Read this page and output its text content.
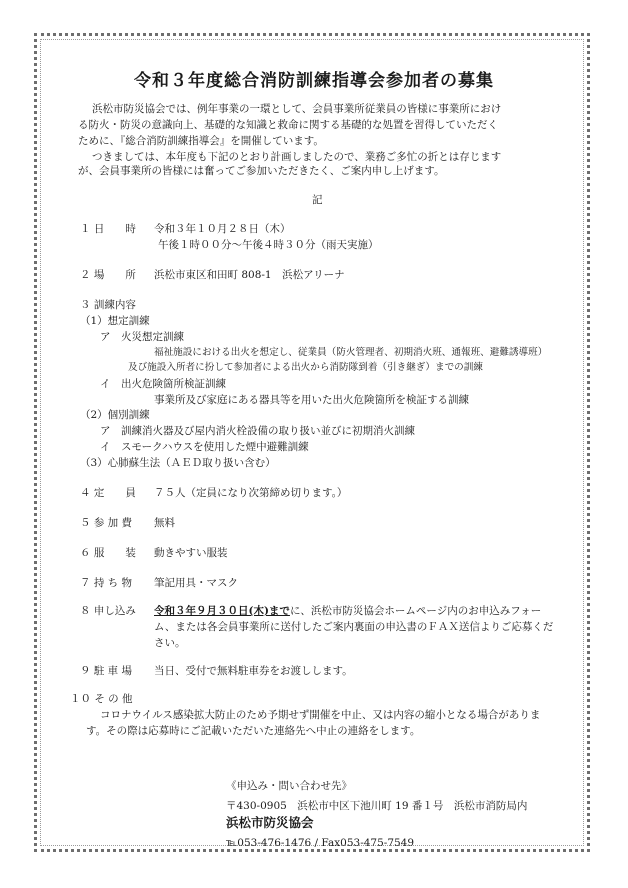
令和３年度総合消防訓練指導会参加者の募集
浜松市防災協会では、例年事業の一環として、会員事業所従業員の皆様に事業所におけ
る防火・防災の意識向上、基礎的な知識と救命に関する基礎的な処置を習得していただく
ために、『総合消防訓練指導会』を開催しています。
つきましては、本年度も下記のとおり計画しましたので、業務ご多忙の折とは存じます
が、会員事業所の皆様には奮ってご参加いただきたく、ご案内申し上げます。
記
１ 日　　時 令和３年１０月２８日（木）
午後１時００分～午後４時３０分（雨天実施）
２ 場　　所 浜松市東区和田町 808-1　浜松アリーナ
３ 訓練内容
（1）想定訓練
ア　火災想定訓練
福祉施設における出火を想定し、従業員（防火管理者、初期消火班、通報班、避難誘導班）
及び施設入所者に扮して参加者による出火から消防隊到着（引き継ぎ）までの訓練
イ　出火危険箇所検証訓練
事業所及び家庭にある器具等を用いた出火危険箇所を検証する訓練
（2）個別訓練
ア　訓練消火器及び屋内消火栓設備の取り扱い並びに初期消火訓練
イ　スモークハウスを使用した煙中避難訓練
（3）心肺蘇生法（ＡＥＤ取り扱い含む）
４ 定　　員 ７５人（定員になり次第締め切ります。）
５ 参 加 費 無料
６ 服　　装 動きやすい服装
７ 持 ち 物 筆記用具・マスク
８ 申し込み 令和３年９月３０日(木)までに、浜松市防災協会ホームページ内のお申込みフォー
ム、または各会員事業所に送付したご案内裏面の申込書のＦＡＸ送信よりご応募くだ
さい。
９ 駐 車 場 当日、受付で無料駐車券をお渡しします。
１０ そ の 他
コロナウイルス感染拡大防止のため予期せず開催を中止、又は内容の縮小となる場合がありま
す。その際は応募時にご記載いただいた連絡先へ中止の連絡をします。
《申込み・問い合わせ先》
〒430-0905　浜松市中区下池川町 19 番１号　浜松市消防局内
浜松市防災協会
℡053-476-1476 / Fax053-475-7549
